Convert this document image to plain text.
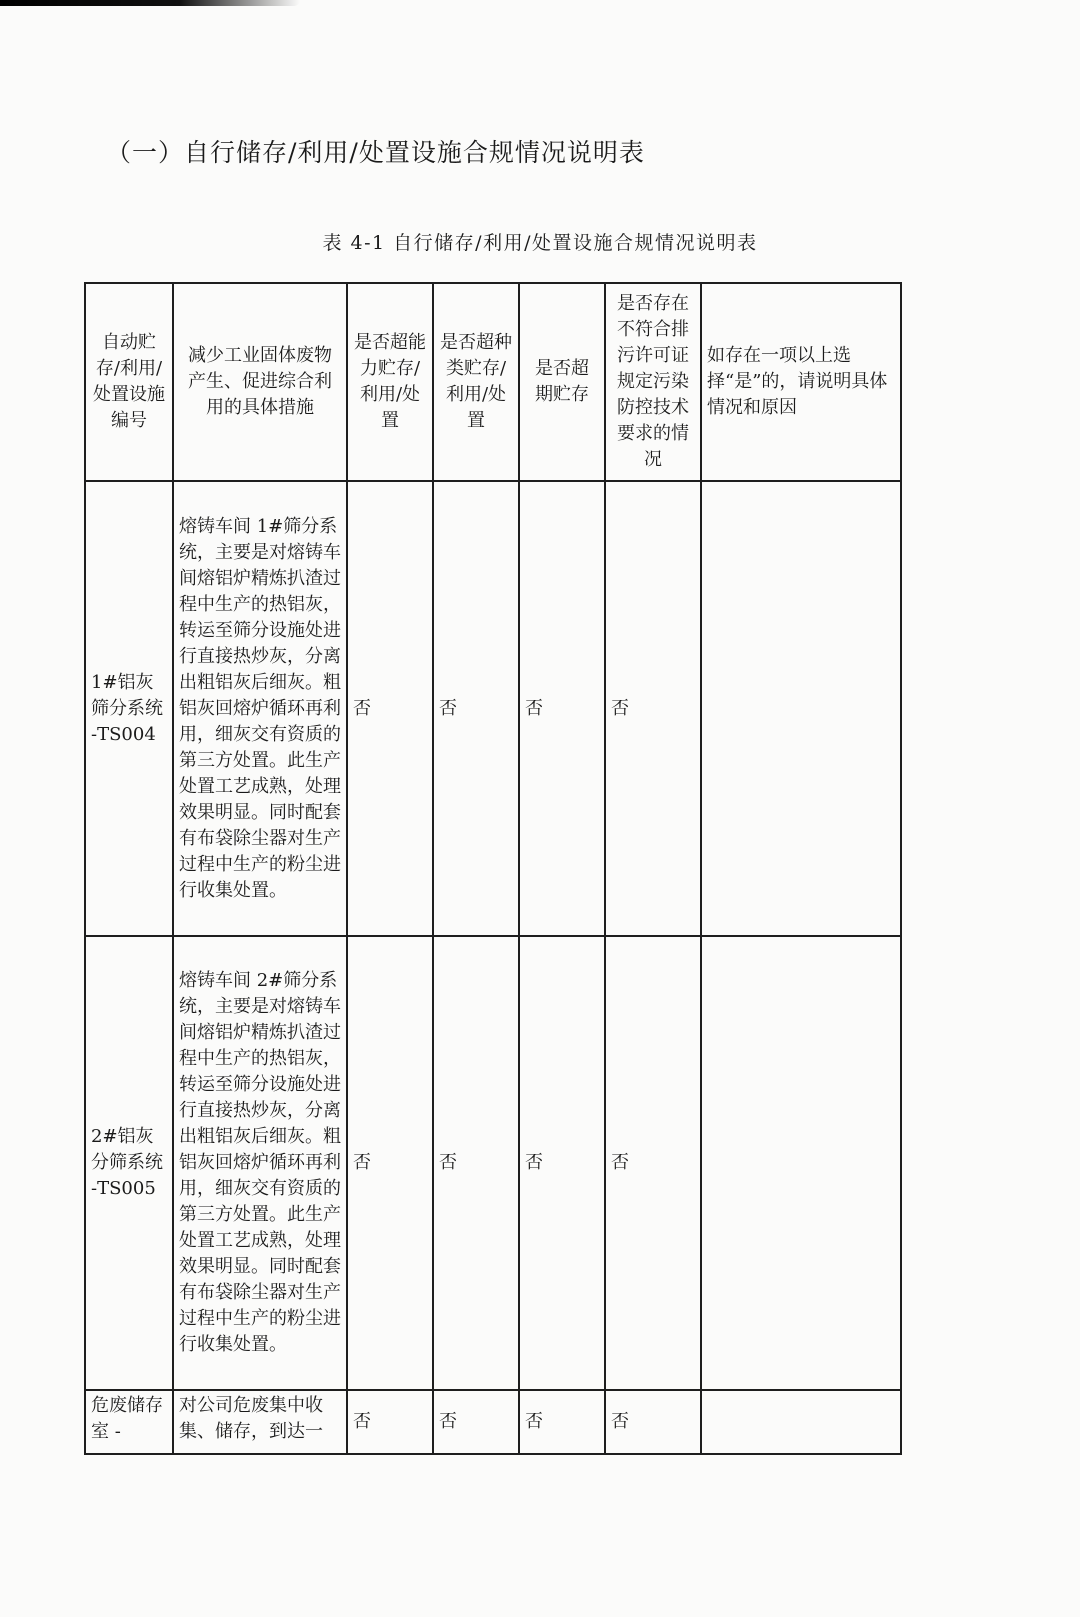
（一）自行储存/利用/处置设施合规情况说明表
表 4-1 自行储存/利用/处置设施合规情况说明表
自动贮存/利用/处置设施编号	减少工业固体废物产生、促进综合利用的具体措施	是否超能力贮存/利用/处置	是否超种类贮存/利用/处置	是否超期贮存	是否存在不符合排污许可证规定污染防控技术要求的情况	如存在一项以上选择“是”的，请说明具体情况和原因
1#铝灰筛分系统 -TS004	熔铸车间 1#筛分系统，主要是对熔铸车间熔铝炉精炼扒渣过程中生产的热铝灰，转运至筛分设施处进行直接热炒灰，分离出粗铝灰后细灰。粗铝灰回熔炉循环再利用，细灰交有资质的第三方处置。此生产处置工艺成熟，处理效果明显。同时配套有布袋除尘器对生产过程中生产的粉尘进行收集处置。	否	否	否	否	
2#铝灰分筛系统 -TS005	熔铸车间 2#筛分系统，主要是对熔铸车间熔铝炉精炼扒渣过程中生产的热铝灰，转运至筛分设施处进行直接热炒灰，分离出粗铝灰后细灰。粗铝灰回熔炉循环再利用，细灰交有资质的第三方处置。此生产处置工艺成熟，处理效果明显。同时配套有布袋除尘器对生产过程中生产的粉尘进行收集处置。	否	否	否	否	
危废储存室 -	对公司危废集中收集、储存，到达一	否	否	否	否	
